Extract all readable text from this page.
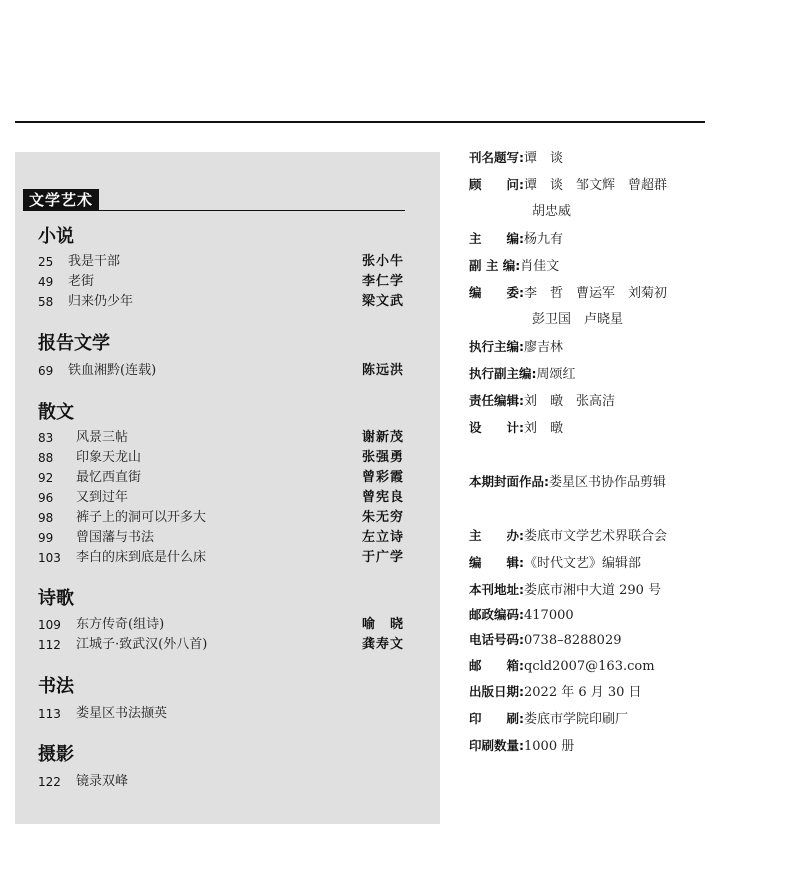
文学艺术
小说
25	我是干部	张小牛
49	老街	李仁学
58	归来仍少年	梁文武
报告文学
69	铁血湘黔(连载)	陈远洪
散文
83	风景三帖	谢新茂
88	印象天龙山	张强勇
92	最忆西直街	曾彩霞
96	又到过年	曾宪良
98	裤子上的洞可以开多大	朱无穷
99	曾国藩与书法	左立诗
103	李白的床到底是什么床	于广学
诗歌
109	东方传奇(组诗)	喻　晓
112	江城子·致武汉(外八首)	龚寿文
书法
113	娄星区书法撷英
摄影
122	镜录双峰
刊名题写:谭　谈
顾　　问:谭　谈　邹文辉　曾超群
胡忠威
主　　编:杨九有
副 主 编:肖佳文
编　　委:李　哲　曹运军　刘菊初
彭卫国　卢晓星
执行主编:廖吉林
执行副主编:周颂红
责任编辑:刘　暾　张高洁
设　　计:刘　暾
本期封面作品:娄星区书协作品剪辑
主　　办:娄底市文学艺术界联合会
编　　辑:《时代文艺》编辑部
本刊地址:娄底市湘中大道 290 号
邮政编码:417000
电话号码:0738–8288029
邮　　箱:qcld2007@163.com
出版日期:2022 年 6 月 30 日
印　　刷:娄底市学院印刷厂
印刷数量:1000 册
